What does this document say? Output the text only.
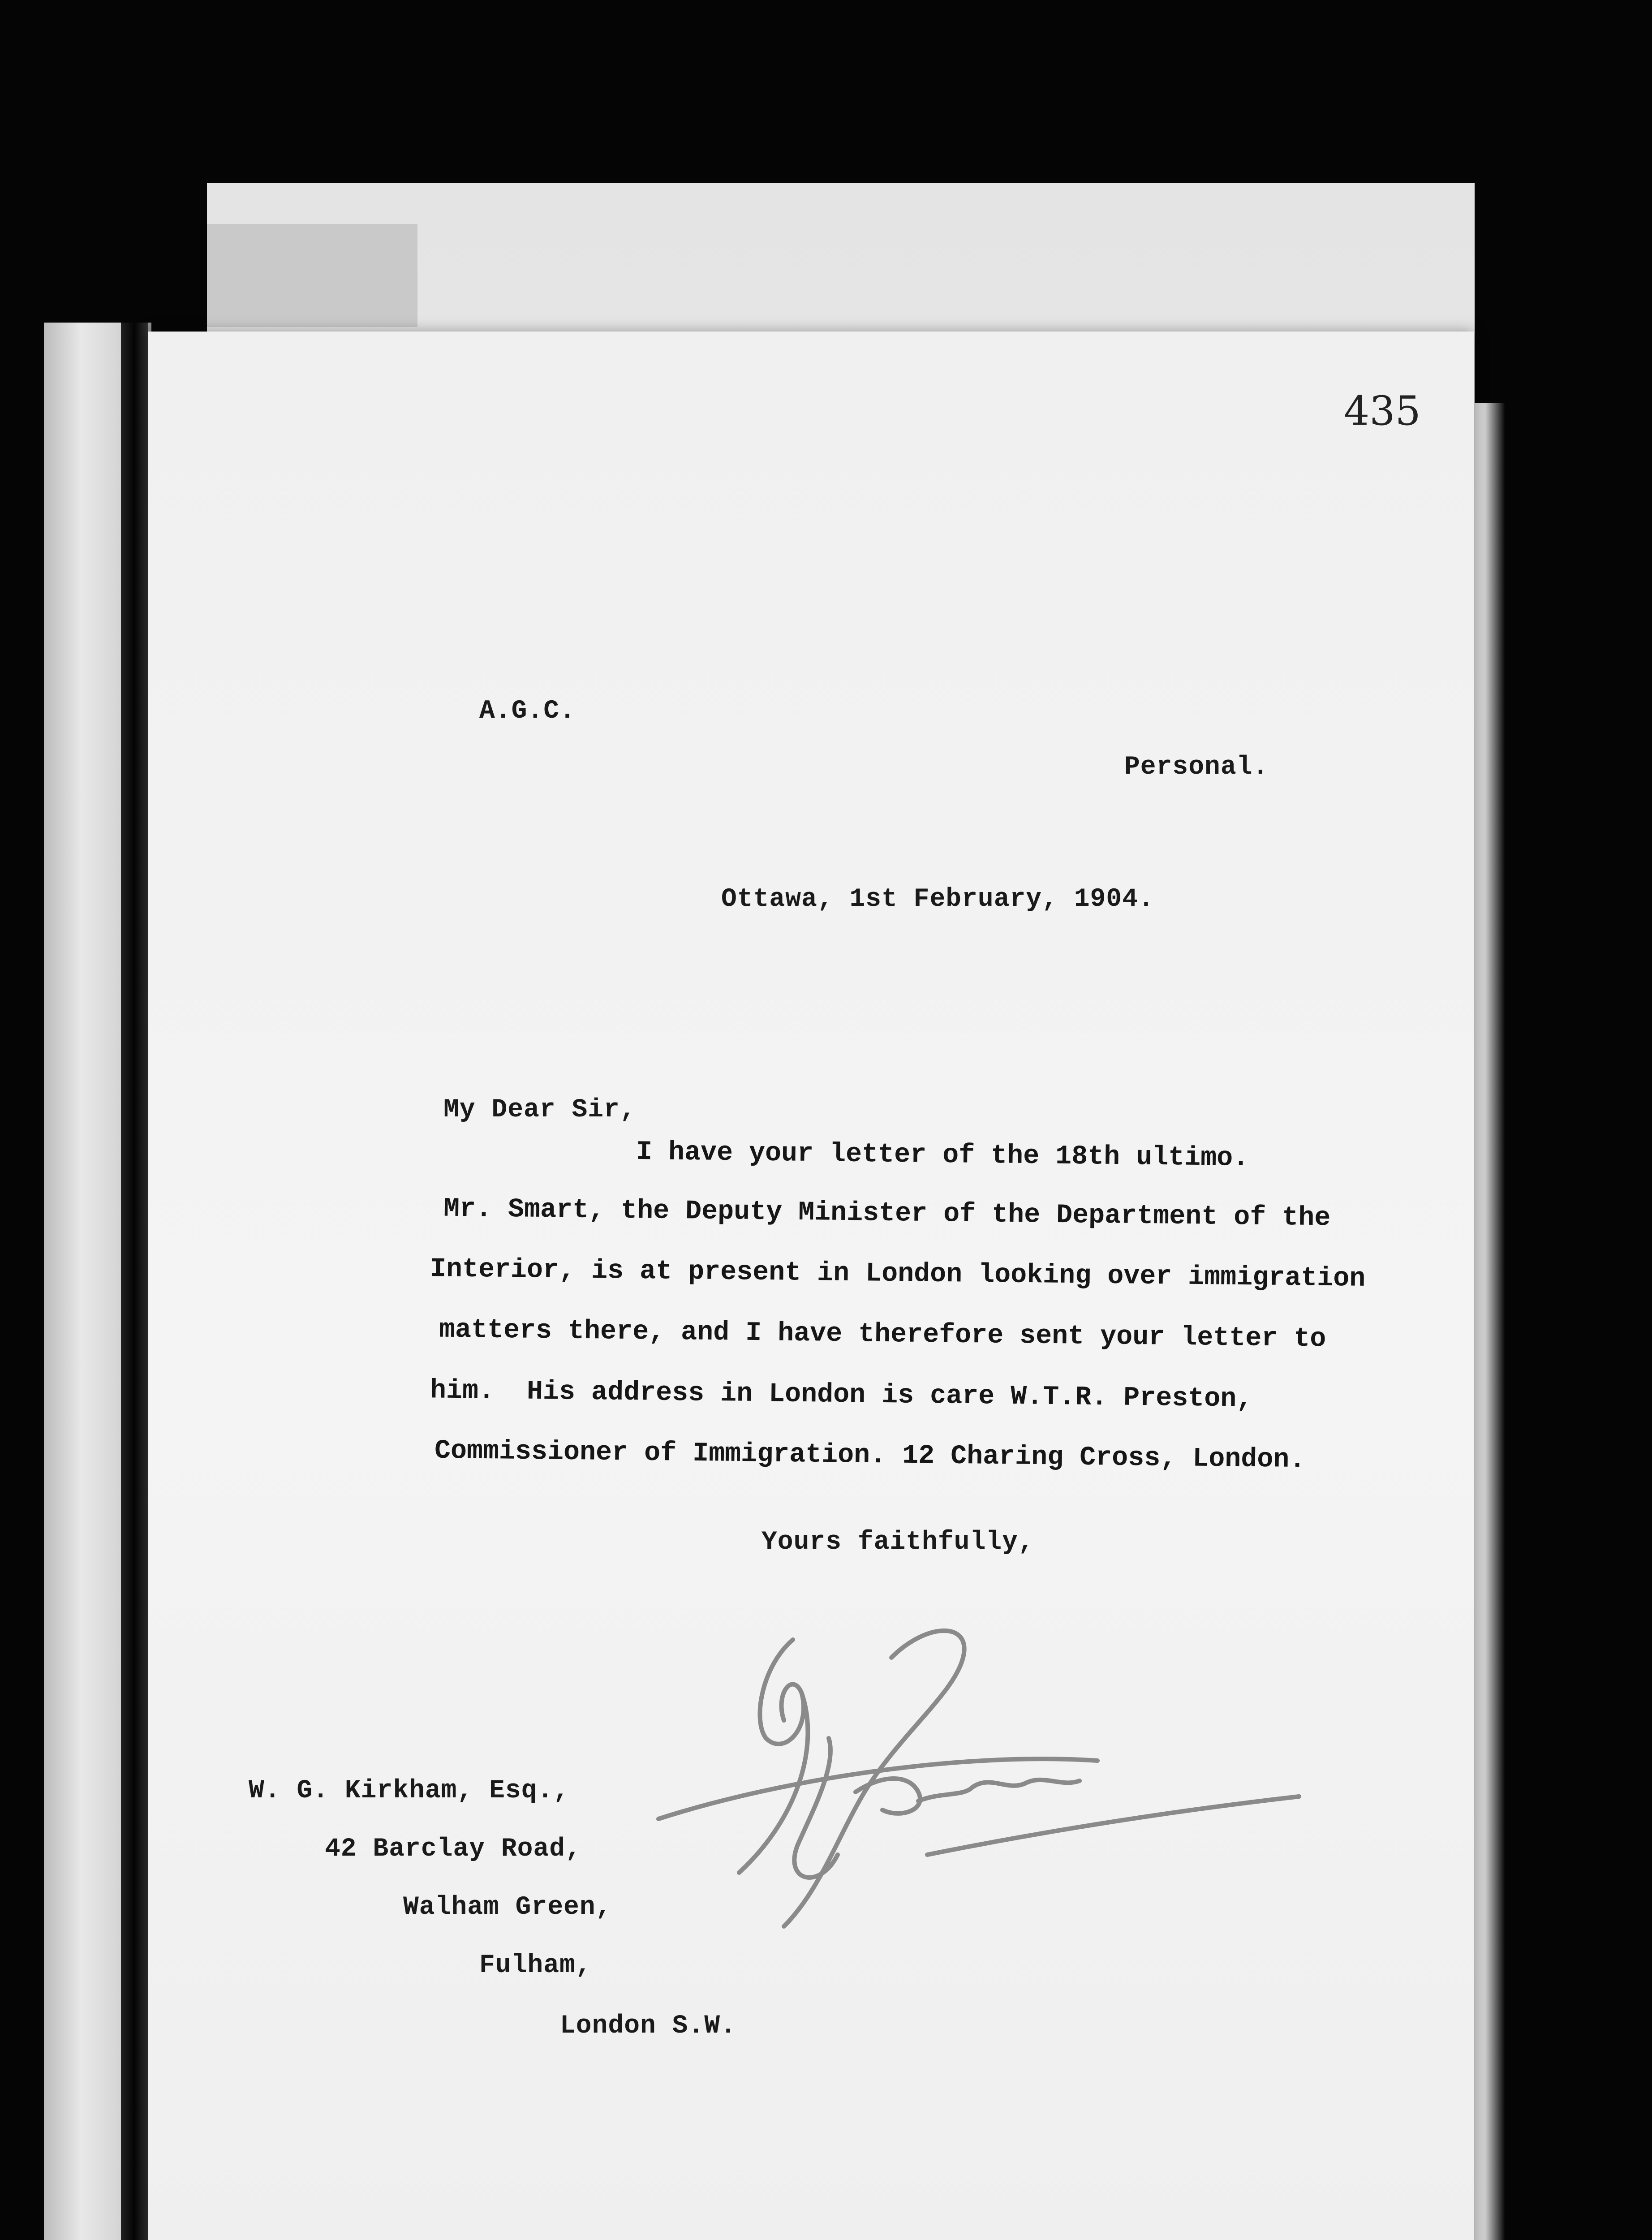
435
A.G.C.
Personal.
Ottawa, 1st February, 1904.
My Dear Sir,
I have your letter of the 18th ultimo.
Mr. Smart, the Deputy Minister of the Department of the
Interior, is at present in London looking over immigration
matters there, and I have therefore sent your letter to
him.  His address in London is care W.T.R. Preston,
Commissioner of Immigration. 12 Charing Cross, London.
Yours faithfully,
W. G. Kirkham, Esq.,
42 Barclay Road,
Walham Green,
Fulham,
London S.W.
